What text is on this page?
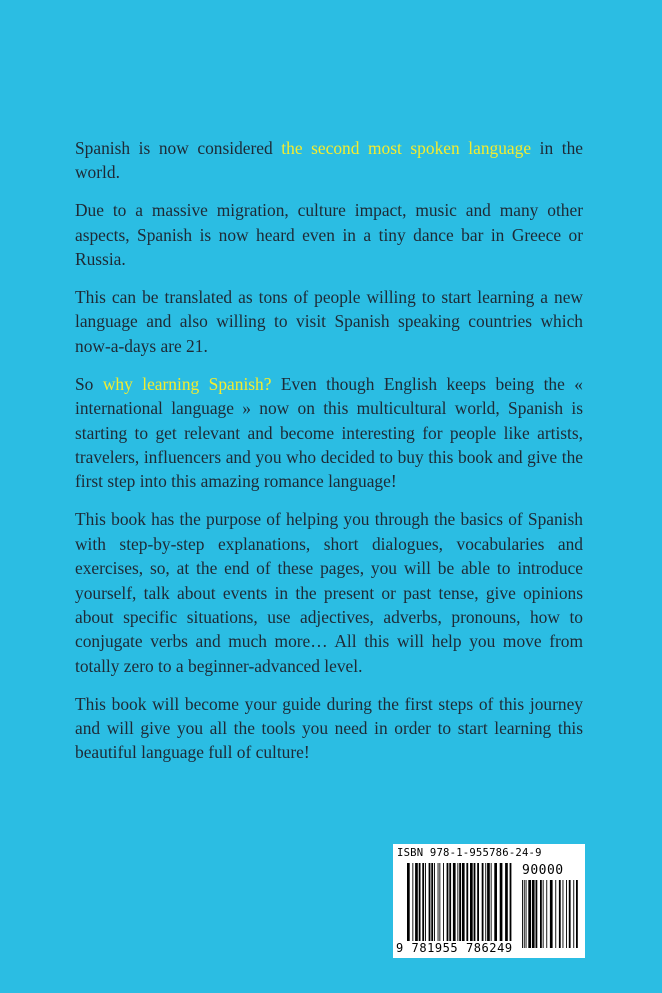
Spanish is now considered the second most spoken language in the world.

Due to a massive migration, culture impact, music and many other aspects, Spanish is now heard even in a tiny dance bar in Greece or Russia.

This can be translated as tons of people willing to start learning a new language and also willing to visit Spanish speaking countries which now-a-days are 21.

So why learning Spanish? Even though English keeps being the « international language » now on this multicultural world, Spanish is starting to get relevant and become interesting for people like artists, travelers, influencers and you who decided to buy this book and give the first step into this amazing romance language!

This book has the purpose of helping you through the basics of Spanish with step-by-step explanations, short dialogues, vocabularies and exercises, so, at the end of these pages, you will be able to introduce yourself, talk about events in the present or past tense, give opinions about specific situations, use adjectives, adverbs, pronouns, how to conjugate verbs and much more… All this will help you move from totally zero to a beginner-advanced level.

This book will become your guide during the first steps of this journey and will give you all the tools you need in order to start learning this beautiful language full of culture!

ISBN 978-1-955786-24-9
90000
9 781955 786249
